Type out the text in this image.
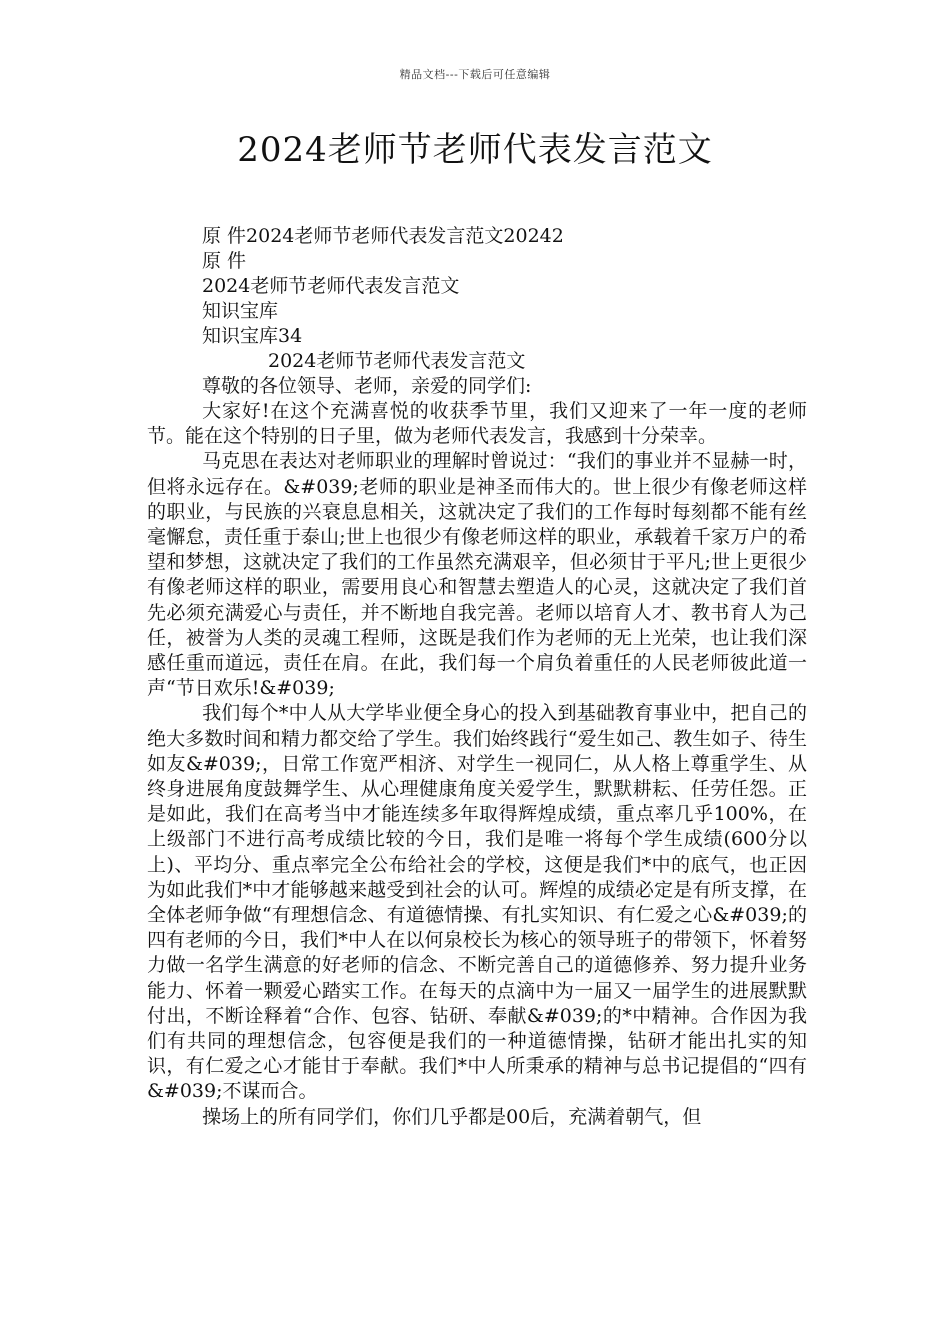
精品文档---下载后可任意编辑
2024老师节老师代表发言范文
原 件2024老师节老师代表发言范文20242
原 件
2024老师节老师代表发言范文
知识宝库
知识宝库34
2024老师节老师代表发言范文
尊敬的各位领导、老师，亲爱的同学们:

大家好!在这个充满喜悦的收获季节里，我们又迎来了一年一度的老师节。能在这个特别的日子里，做为老师代表发言，我感到十分荣幸。

马克思在表达对老师职业的理解时曾说过：“我们的事业并不显赫一时，但将永远存在。&#039;老师的职业是神圣而伟大的。世上很少有像老师这样的职业，与民族的兴衰息息相关，这就决定了我们的工作每时每刻都不能有丝毫懈怠，责任重于泰山;世上也很少有像老师这样的职业，承载着千家万户的希望和梦想，这就决定了我们的工作虽然充满艰辛，但必须甘于平凡;世上更很少有像老师这样的职业，需要用良心和智慧去塑造人的心灵，这就决定了我们首先必须充满爱心与责任，并不断地自我完善。老师以培育人才、教书育人为己任，被誉为人类的灵魂工程师，这既是我们作为老师的无上光荣，也让我们深感任重而道远，责任在肩。在此，我们每一个肩负着重任的人民老师彼此道一声“节日欢乐!&#039;

我们每个*中人从大学毕业便全身心的投入到基础教育事业中，把自己的绝大多数时间和精力都交给了学生。我们始终践行“爱生如己、教生如子、待生如友&#039;，日常工作宽严相济、对学生一视同仁，从人格上尊重学生、从终身进展角度鼓舞学生、从心理健康角度关爱学生，默默耕耘、任劳任怨。正是如此，我们在高考当中才能连续多年取得辉煌成绩，重点率几乎100%，在上级部门不进行高考成绩比较的今日，我们是唯一将每个学生成绩(600分以上)、平均分、重点率完全公布给社会的学校，这便是我们*中的底气，也正因为如此我们*中才能够越来越受到社会的认可。辉煌的成绩必定是有所支撑，在全体老师争做“有理想信念、有道德情操、有扎实知识、有仁爱之心&#039;的四有老师的今日，我们*中人在以何泉校长为核心的领导班子的带领下，怀着努力做一名学生满意的好老师的信念、不断完善自己的道德修养、努力提升业务能力、怀着一颗爱心踏实工作。在每天的点滴中为一届又一届学生的进展默默付出，不断诠释着“合作、包容、钻研、奉献&#039;的*中精神。合作因为我们有共同的理想信念，包容便是我们的一种道德情操，钻研才能出扎实的知识，有仁爱之心才能甘于奉献。我们*中人所秉承的精神与总书记提倡的“四有&#039;不谋而合。

操场上的所有同学们，你们几乎都是00后，充满着朝气，但
